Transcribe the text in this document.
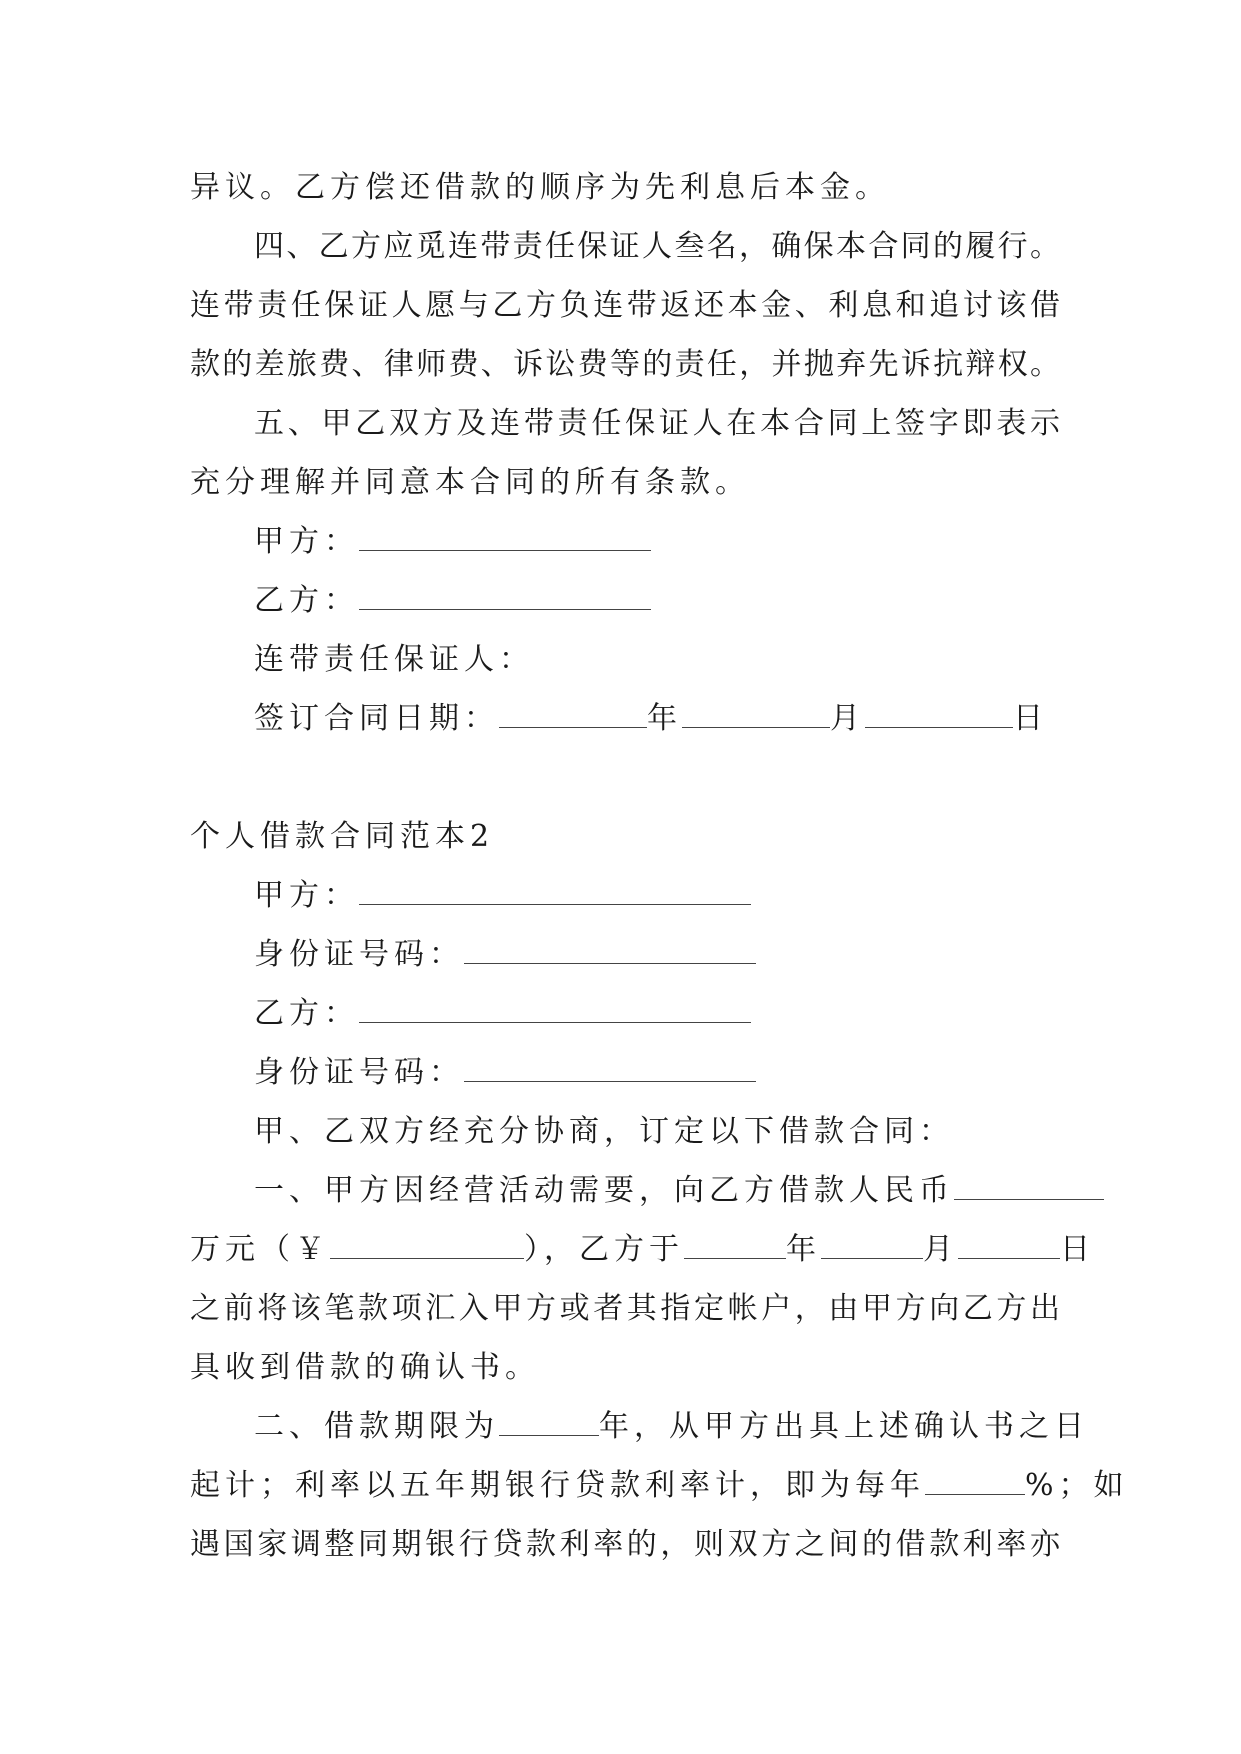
异议。乙方偿还借款的顺序为先利息后本金。
四、乙方应觅连带责任保证人叁名，确保本合同的履行。
连带责任保证人愿与乙方负连带返还本金、利息和追讨该借
款的差旅费、律师费、诉讼费等的责任，并抛弃先诉抗辩权。
五、甲乙双方及连带责任保证人在本合同上签字即表示
充分理解并同意本合同的所有条款。
甲方：
乙方：
连带责任保证人：
签订合同日期：	年	月	日
个人借款合同范本2
甲方：
身份证号码：
乙方：
身份证号码：
甲、乙双方经充分协商，订定以下借款合同：
一、甲方因经营活动需要，向乙方借款人民币
万元（￥	），乙方于	年	月	日
之前将该笔款项汇入甲方或者其指定帐户，由甲方向乙方出
具收到借款的确认书。
二、借款期限为	年，从甲方出具上述确认书之日
起计；利率以五年期银行贷款利率计，即为每年	%；如
遇国家调整同期银行贷款利率的，则双方之间的借款利率亦
